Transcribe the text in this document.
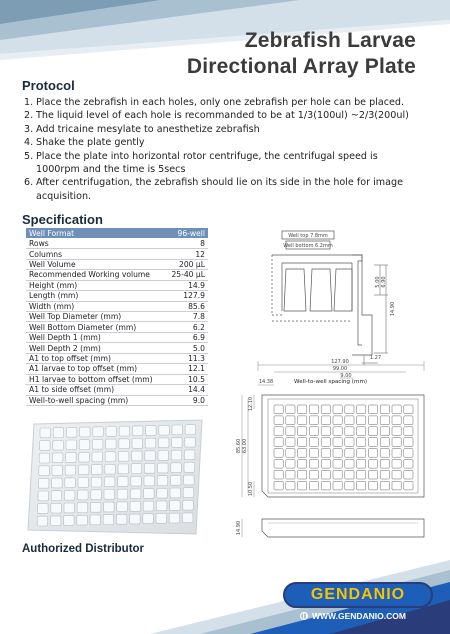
Zebrafish Larvae
Directional Array Plate
Protocol
1. Place the zebrafish in each holes, only one zebrafish per hole can be placed.
2. The liquid level of each hole is recommanded to be at 1/3(100ul) ~2/3(200ul)
3. Add tricaine mesylate to anesthetize zebrafish
4. Shake the plate gently
5. Place the plate into horizontal rotor centrifuge, the centrifugal speed is 1000rpm and the time is 5secs
6. After centrifugation, the zebrafish should lie on its side in the hole for image acquisition.
Specification
Well Format	96-well
Rows	8
Columns	12
Well Volume	200 µL
Recommended Working volume	25-40 µL
Height (mm)	14.9
Length (mm)	127.9
Width (mm)	85.6
Well Top Diameter (mm)	7.8
Well Bottom Diameter (mm)	6.2
Well Depth 1 (mm)	6.9
Well Depth 2 (mm)	5.0
A1 to top offset (mm)	11.3
A1 larvae to top offset (mm)	12.1
H1 larvae to bottom offset (mm)	10.5
A1 to side offset (mm)	14.4
Well-to-well spacing (mm)	9.0
Well top 7.8mm
Well bottom 6.2mm
5.00 6.90
14.90
1.27
127.90
99.00
9.00
14.38	Well-to-well spacing (mm)
12.10
63.00
85.60
10.50
14.90
Authorized Distributor
GENDANIO
WWW.GENDANIO.COM
